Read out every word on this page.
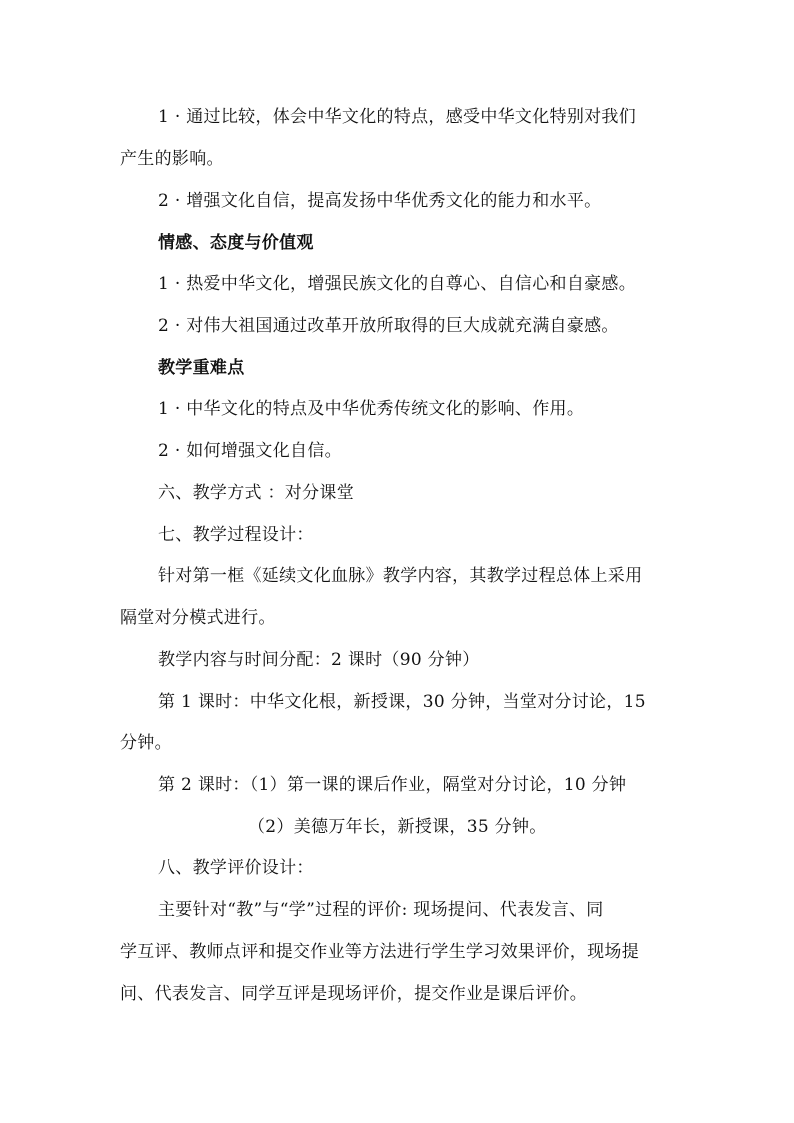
1 · 通过比较，体会中华文化的特点，感受中华文化特别对我们
产生的影响。
2 · 增强文化自信，提高发扬中华优秀文化的能力和水平。
情感、态度与价值观
1 · 热爱中华文化，增强民族文化的自尊心、自信心和自豪感。
2 · 对伟大祖国通过改革开放所取得的巨大成就充满自豪感。
教学重难点
1 · 中华文化的特点及中华优秀传统文化的影响、作用。
2 · 如何增强文化自信。
六、教学方式 ：对分课堂
七、教学过程设计：
针对第一框《延续文化血脉》教学内容，其教学过程总体上采用
隔堂对分模式进行。
教学内容与时间分配：2 课时（90 分钟）
第 1 课时：中华文化根，新授课，30 分钟，当堂对分讨论，15
分钟。
第 2 课时：（1）第一课的课后作业，隔堂对分讨论，10 分钟
（2）美德万年长，新授课，35 分钟。
八、教学评价设计：
主要针对“教”与“学”过程的评价: 现场提问、代表发言、同
学互评、教师点评和提交作业等方法进行学生学习效果评价，现场提
问、代表发言、同学互评是现场评价，提交作业是课后评价。
